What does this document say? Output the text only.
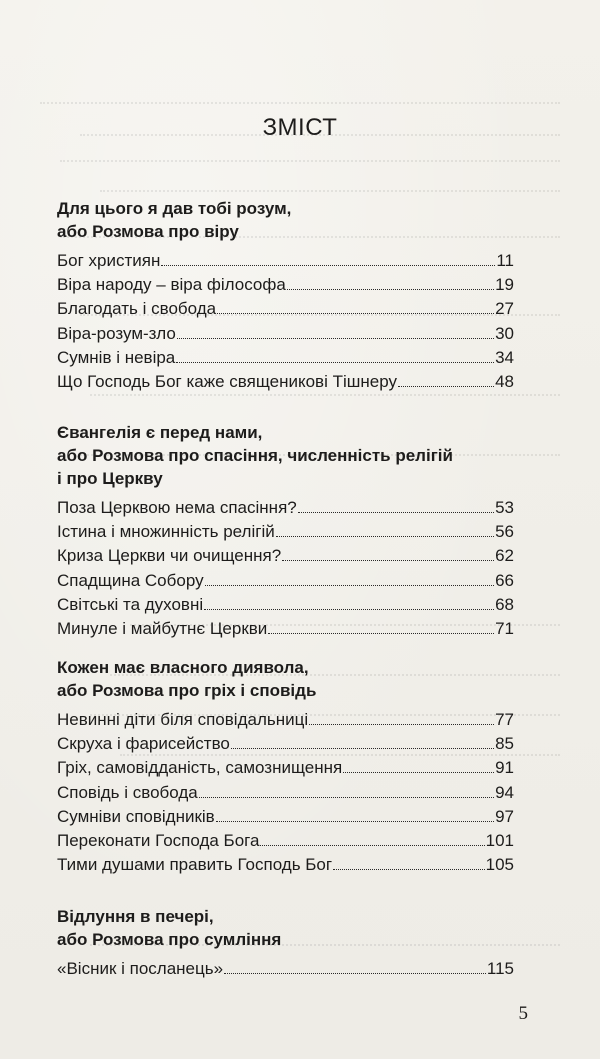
ЗМІСТ
Для цього я дав тобі розум,
або Розмова про віру
Бог християн	11
Віра народу – віра філософа	19
Благодать і свобода	27
Віра-розум-зло	30
Сумнів і невіра	34
Що Господь Бог каже священикові Тішнеру	48
Євангелія є перед нами,
або Розмова про спасіння, численність релігій
і про Церкву
Поза Церквою нема спасіння?	53
Істина і множинність релігій	56
Криза Церкви чи очищення?	62
Спадщина Собору	66
Світські та духовні	68
Минуле і майбутнє Церкви	71
Кожен має власного диявола,
або Розмова про гріх і сповідь
Невинні діти біля сповідальниці	77
Скруха і фарисейство	85
Гріх, самовідданість, самознищення	91
Сповідь і свобода	94
Сумніви сповідників	97
Переконати Господа Бога	101
Тими душами править Господь Бог	105
Відлуння в печері,
або Розмова про сумління
«Вісник і посланець»	115
5
